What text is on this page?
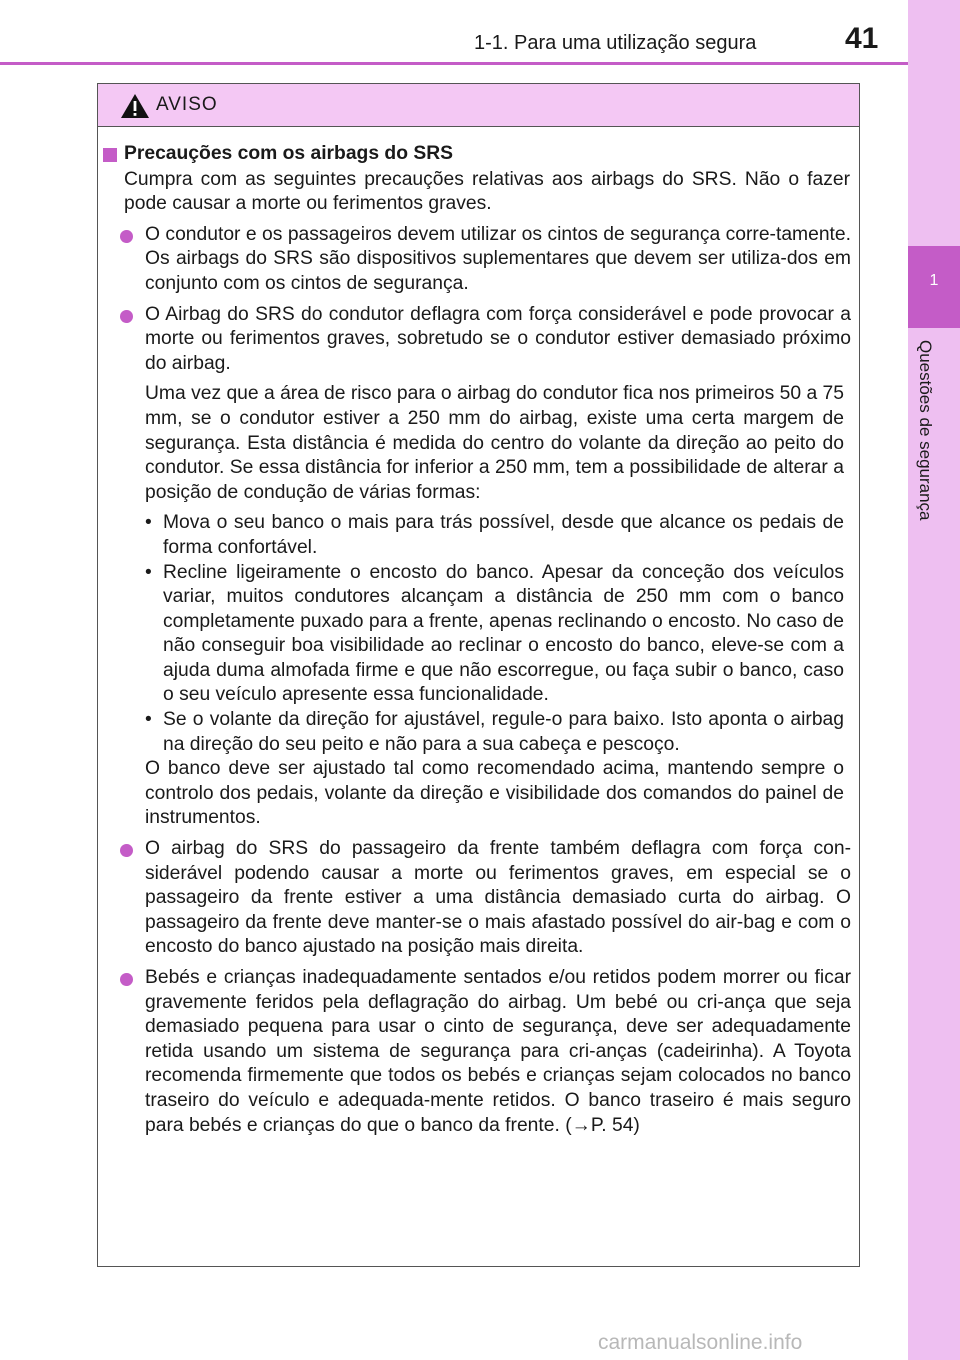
1
Questões de segurança
1-1. Para uma utilização segura	41
AVISO
Precauções com os airbags do SRS
Cumpra com as seguintes precauções relativas aos airbags do SRS. Não o fazer pode causar a morte ou ferimentos graves.
O condutor e os passageiros devem utilizar os cintos de segurança corre-tamente. Os airbags do SRS são dispositivos suplementares que devem ser utiliza-dos em conjunto com os cintos de segurança.
O Airbag do SRS do condutor deflagra com força considerável e pode provocar a morte ou ferimentos graves, sobretudo se o condutor estiver demasiado próximo do airbag.
Uma vez que a área de risco para o airbag do condutor fica nos primeiros 50 a 75 mm, se o condutor estiver a 250 mm do airbag, existe uma certa margem de segurança. Esta distância é medida do centro do volante da direção ao peito do condutor. Se essa distância for inferior a 250 mm, tem a possibilidade de alterar a posição de condução de várias formas:
• Mova o seu banco o mais para trás possível, desde que alcance os pedais de forma confortável.
• Recline ligeiramente o encosto do banco. Apesar da conceção dos veículos variar, muitos condutores alcançam a distância de 250 mm com o banco completamente puxado para a frente, apenas reclinando o encosto. No caso de não conseguir boa visibilidade ao reclinar o encosto do banco, eleve-se com a ajuda duma almofada firme e que não escorregue, ou faça subir o banco, caso o seu veículo apresente essa funcionalidade.
• Se o volante da direção for ajustável, regule-o para baixo. Isto aponta o airbag na direção do seu peito e não para a sua cabeça e pescoço.
O banco deve ser ajustado tal como recomendado acima, mantendo sempre o controlo dos pedais, volante da direção e visibilidade dos comandos do painel de instrumentos.
O airbag do SRS do passageiro da frente também deflagra com força con-siderável podendo causar a morte ou ferimentos graves, em especial se o passageiro da frente estiver a uma distância demasiado curta do airbag. O passageiro da frente deve manter-se o mais afastado possível do air-bag e com o encosto do banco ajustado na posição mais direita.
Bebés e crianças inadequadamente sentados e/ou retidos podem morrer ou ficar gravemente feridos pela deflagração do airbag. Um bebé ou cri-ança que seja demasiado pequena para usar o cinto de segurança, deve ser adequadamente retida usando um sistema de segurança para cri-anças (cadeirinha). A Toyota recomenda firmemente que todos os bebés e crianças sejam colocados no banco traseiro do veículo e adequada-mente retidos. O banco traseiro é mais seguro para bebés e crianças do que o banco da frente. (→P. 54)
carmanualsonline.info
